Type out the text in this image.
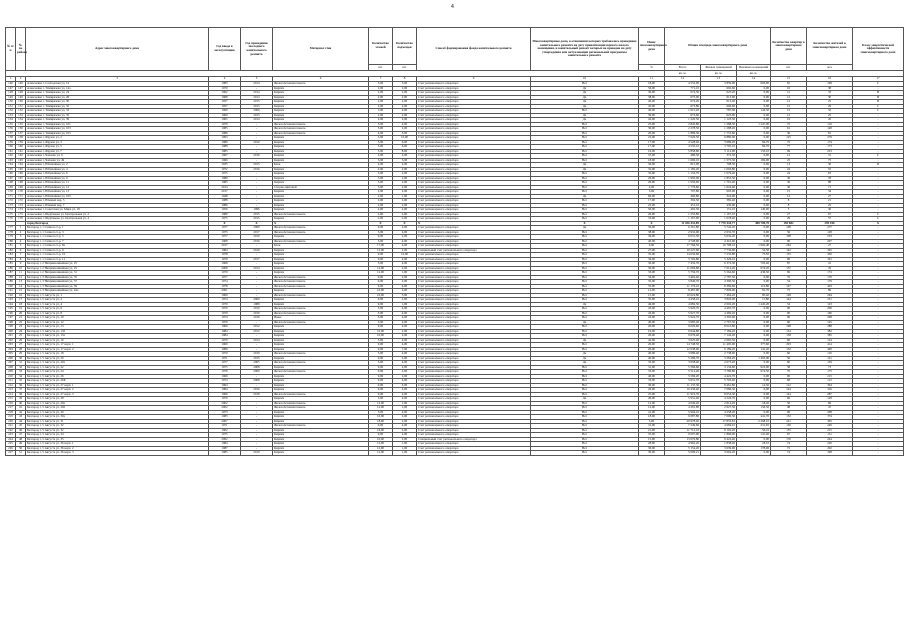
4
№ п/п	№ по району	Адрес многоквартирного дома	Год ввода в эксплуатацию	Год проведения последнего капитального ремонта	Материал стен	Количество этажей	Количество подъездов	Способ формирования фонда капитального ремонта	Многоквартирные дома, в отношении которых требовалось проведение капитального ремонта на дату приватизации первого жилого помещения, и капитальный ремонт которых не проведен на дату утверждения или актуализации региональной программы капитального ремонта	Износ многоквартирного дома	Общая площадь многоквартирного дома			Количество квартир в многоквартирном доме	Количество жителей в многоквартирном доме	Класс энергетической эффективности многоквартирного дома
						шт.	шт.			%	Всего	Жилых помещений	Нежилых помещений	шт.	чел.	
											кв. м.	кв. м.	кв. м.			
1	2	3	4	5	6	7	8	9	10	11	12	13	14	15	16	17
146	146	Алексеевка г, Слободская ул, 14	1985	2014	Железобетонная панель	5,00	3,00	Счет регионального оператора	Нет	18,00	4 552,00	3 859,00	693,00	65	108	С
147	147	Алексеевка г, Тимирязева ул, 14а	1970	-	Кирпич	2,00	2,00	Счет регионального оператора	Да	56,00	771,10	692,60	0,00	16	38	-
148	148	Алексеевка г, Тимирязева ул, 24	1962	2014	Кирпич	2,00	2,00	Счет регионального оператора	Да	36,00	674,30	625,20	0,00	12	33	В
149	149	Алексеевка г, Тимирязева ул, 28	1968	2014	Кирпич	2,00	2,00	Счет регионального оператора	Да	38,00	675,00	613,90	0,00	12	30	В
150	150	Алексеевка г, Тимирязева ул, 30	1957	2015	Кирпич	2,00	2,00	Счет регионального оператора	Да	40,00	674,20	613,40	0,00	12	25	В
151	151	Алексеевка г, Тимирязева ул, 32	1957	2015	Кирпич	2,00	2,00	Счет регионального оператора	Да	45,00	673,80	606,60	0,00	12	29	С
152	152	Алексеевка г, Тимирязева ул, 33	1969	2009	Кирпич	3,00	4,00	Счет регионального оператора	Нет	40,00	1 015,20	787,00	144,50	15	35	С
153	153	Алексеевка г, Тимирязева ул, 35	1960	2015	Кирпич	2,00	2,00	Счет регионального оператора	Да	39,00	673,60	623,90	0,00	12	25	-
154	154	Алексеевка г, Тимирязева ул, 39	1965	2014	Кирпич	2,00	2,00	Счет регионального оператора	Да	42,00	1 220,50	1 123,50	0,00	19	45	-
155	155	Алексеевка г, Тимирязева ул, 101	1970	-	Железобетонная панель	5,00	4,00	Счет регионального оператора	Нет	25,00	2 845,80	1 588,50	1 247,00	72	110	-
156	156	Алексеевка г, Тимирязева ул, 103	1985	-	Железобетонная панель	5,00	2,00	Счет регионального оператора	Нет	30,00	2 278,50	1 288,20	0,00	61	148	-
157	157	Алексеевка г, Тимирязева ул, 105	1986	-	Железобетонная панель	4,00	3,00	Счет регионального оператора	Нет	20,00	1 886,50	1 753,60	0,00	36	81	-
158	158	Алексеевка г, Фрунзе ул, 2	1993	-	Кирпич	5,00	10,00	Счет регионального оператора	Нет	23,00	7 626,50	6 880,00	0,00	125	279	-
159	159	Алексеевка г, Фрунзе ул, 3	1989	2019	Кирпич	5,00	6,00	Счет регионального оператора	Нет	17,00	4 528,40	3 986,20	84,70	75	174	-
160	160	Алексеевка г, Фрунзе ул, 5	1988	-	Кирпич	5,00	6,00	Счет регионального оператора	Нет	17,00	4 535,10	3 795,10	84,70	77	173	-
161	161	Алексеевка г, Фрунзе ул, 7	1985	-	Кирпич	5,00	8,00	Счет регионального оператора	Нет	19,00	5 858,60	5 112,00	133,10	99	223	-
162	162	Алексеевка г, Чапаева ул, 6	1967	2016	Кирпич	2,00	2,00	Счет регионального оператора	Нет	37,00	486,30	372,50	0,00	12	31	С
163	163	Алексеевка г, Чапаева ул, 49	1966	-	Кирпич	3,00	3,00	Счет регионального оператора	Нет	18,00	1 690,10	1 575,30	169,00	25	75	-
164	164	Алексеевка г, Юбилейная ул, 2	1935	2015	Блок	2,00	2,00	Счет регионального оператора	Да	36,00	815,00	708,50	0,00	13	36	D
165	165	Алексеевка г, Юбилейная ул, 4	1972	2016	Кирпич	2,00	2,00	Счет регионального оператора	Да	32,00	1 182,20	1 093,80	0,00	24	55	-
166	166	Алексеевка г, Юбилейная ул, 6	1975	-	Кирпич	3,00	2,00	Счет регионального оператора	Нет	35,00	1 154,70	1 079,40	0,00	24	63	-
167	167	Алексеевка г, Юбилейная ул, 9	1980	-	Кирпич	3,00	2,00	Счет регионального оператора	Нет	20,00	1 995,00	1 853,30	0,00	36	78	-
168	168	Алексеевка г, Юбилейная ул, 11	1985	-	Кирпич	3,00	2,00	Счет регионального оператора	Нет	20,00	1 959,90	1 791,40	0,00	36	88	-
169	169	Алексеевка г, Юбилейная ул, 12	2014	-	Сборно-щитовой	3,00	2,00	Счет регионального оператора	Нет	2,00	1 776,60	1 624,60	0,00	36	71	-
170	170	Алексеевка г, Юбилейная ул, 13	2017	-	Кирпич	2,00	2,00	Счет регионального оператора	Нет	3,00	707,80	693,90	0,00	15	34	-
171	171	Алексеевка г, Юбилейная ул, 165	1948	-	Кирпич	2,00	1,00	Счет регионального оператора	Да	60,00	460,80	324,90	0,00	14	27	-
172	172	Алексеевка г, Южный пер, 5	1988	-	Кирпич	2,00	2,00	Счет регионального оператора	Нет	17,00	392,50	382,40	0,00	8	21	-
173	173	Алексеевка г, Южный пер, 7	1986	-	Кирпич	2,00	2,00	Счет регионального оператора	Нет	22,00	451,10	430,90	0,00	8	25	-
174	174	Алексеевка г, Советская ул, Мира ул, 18	1956	1996	Кирпич	2,00	2,00	Счет регионального оператора	Нет	50,00	402,50	151,10	140,00	5	30	-
175	175	Алексеевка г, Щербакова ул, Центральная ул, 2	1980	2015	Железобетонная панель	2,00	2,00	Счет регионального оператора	Нет	20,00	1 255,80	1 167,10	0,00	27	67	С
176	176	Алексеевка г, Щербакова ул, Центральная ул, 4	1975	2015	Кирпич	2,00	2,00	Счет регионального оператора	Нет	33,00	1 167,00	1 078,40	0,00	29	57	С
		город Белгород	Х	Х	Х	Х	Х	Х	Х	Х	11 036 432,89	7 770 444,77	488 700,70	185 882	299 946	Х
177	1	Белгород г, 1 Сапного б-р, 1	1977	2009	Железобетонная панель	9,00	2,00	Счет регионального оператора	Да	36,00	6 261,80	5 742,20	0,00	108	277	-
178	2	Белгород г, 1 Сапного б-р, 3	1975	2017	Железобетонная панель	5,00	4,00	Счет регионального оператора	Нет	38,00	2 932,90	2 632,70	0,00	56	128	-
179	3	Белгород г, 1 Сапного б-р, 5	1977	2019	Кирпич	9,00	2,00	Счет регионального оператора	Нет	36,00	6 031,30	5 632,20	0,00	108	233	-
180	4	Белгород г, 1 Сапного б-р, 7	1968	2016	Железобетонная панель	5,00	4,00	Счет регионального оператора	Нет	40,00	4 728,90	4 310,00	0,00	90	207	-
181	5	Белгород г, 1 Сапного б-р, 8а	2017	-	Блок	17,00	4,00	Счет регионального оператора	Нет	0,00	17 766,50	10 798,10	1 902,40	264	27	-
182	6	Белгород г, 1 Сапного б-р, 9	1984	2019	Кирпич	12,00	2,00	Специальный счет регионального оператора	Нет	27,00	10 227,60	7 734,90	52,30	142	345	-
183	7	Белгород г, 1 Сапного б-р, 10	1978	-	Кирпич	9,00	10,00	Счет регионального оператора	Нет	35,00	14 056,60	7 235,80	75,50	135	350	-
184	8	Белгород г, 1 Сапного б-р, 11	1979	2017	Кирпич	9,00	4,00	Счет регионального оператора	Нет	34,00	5 702,80	5 326,10	0,00	90	191	-
185	9	Белгород г, 2 Непрямолинейная ул, 25	1968	-	Кирпич	5,00	4,00	Счет регионального оператора	Нет	30,00	7 432,70	6 372,30	703,40	87	41	-
186	10	Белгород г, 2 Непрямолинейная ул, 25	2008	2014	Кирпич	14,00	2,00	Счет регионального оператора	Нет	30,00	11 082,80	7 614,20	674,20	137	76	-
187	11	Белгород г, 2 Непрямолинейная ул, 31	1970	-	Кирпич	12,00	1,00	Счет регионального оператора	Нет	33,00	5 756,70	5 564,60	436,30	69	174	-
188	12	Белгород г, 3 Непрямолинейная ул, 35	1977	-	Железобетонная панель	9,00	2,00	Счет регионального оператора	Нет	34,00	3 462,40	2 787,50	0,00	70	176	-
189	13	Белгород г, 3 Непрямолинейная ул, 37	1974	-	Железобетонная панель	9,00	2,00	Счет регионального оператора	Нет	35,00	5 846,70	4 390,50	0,00	54	179	-
190	14	Белгород г, 3 Непрямолинейная ул, 39	1978	-	Железобетонная панель	9,00	4,00	Счет регионального оператора	Нет	35,00	11 176,10	8 384,60	116,80	147	403	-
191	15	Белгород г, 3 Непрямолинейная ул, 44а	2001	-	Кирпич	10,00	2,00	Счет регионального оператора	Нет	12,00	8 487,90	7 806,00	81,70	75	86	-
192	16	Белгород г, 5 Августа ул, 1	1969	-	Железобетонная панель	10,00	3,00	Счет регионального оператора	Нет	15,00	10 624,80	7 464,20	85,40	128	264	-
193	17	Белгород г, 5 Августа ул, 2	1974	2009	Кирпич	9,00	2,00	Счет регионального оператора	Нет	35,00	4 458,10	3 826,00	17,80	144	251	-
194	18	Белгород г, 5 Августа ул, 4	1970	1989	Кирпич	9,00	1,00	Счет регионального оператора	Да	46,00	4 682,50	2 692,20	1 445,20	54	123	-
195	19	Белгород г, 5 Августа ул, 6	1970	2010	Железобетонная панель	5,00	4,00	Счет регионального оператора	Нет	43,00	5 926,70	4 465,70	0,00	90	206	-
196	20	Белгород г, 5 Августа ул, 8	1970	2019	Железобетонная панель	5,00	4,00	Счет регионального оператора	Нет	43,00	5 927,70	4 469,20	0,00	90	166	-
197	21	Белгород г, 5 Августа ул, 10	1974	2016	Иные	5,00	4,00	Счет регионального оператора	Нет	43,00	5 924,70	4 395,60	0,00	90	208	-
198	22	Белгород г, 5 Августа ул, 12	1970	-	Железобетонная панель	5,00	4,00	Счет регионального оператора	Да	40,00	3 685,20	2 767,50	0,00	60	125	-
199	23	Белгород г, 5 Августа ул, 13	1969	2012	Кирпич	9,00	4,00	Счет регионального оператора	Нет	20,00	9 020,60	8 010,80	0,00	168	288	-
200	24	Белгород г, 5 Августа ул, 13б	1984	2012	Кирпич	10,00	2,00	Счет регионального оператора	Нет	19,00	9 644,80	7 184,20	0,00	154	382	-
201	25	Белгород г, 5 Августа ул, 15а	1984	-	Кирпич	10,00	2,00	Счет регионального оператора	Нет	20,00	9 679,40	7 142,20	0,00	138	385	-
202	26	Белгород г, 5 Августа ул, 16	1970	2014	Кирпич	5,00	4,00	Счет регионального оператора	Да	42,00	3 625,40	2 665,50	0,00	60	124	-
203	27	Белгород г, 5 Августа ул, 17 корп. 1	1960	-	Кирпич	9,00	4,00	Счет регионального оператора	Нет	20,00	14 748,50	11 495,00	377,60	203	414	-
204	28	Белгород г, 5 Августа ул, 17 корп. 2	1980	-	Кирпич	9,00	7,00	Счет регионального оператора	Нет	20,00	12 638,90	9 189,20	141,20	152	400	-
205	29	Белгород г, 5 Августа ул, 18	1970	2019	Железобетонная панель	5,00	4,00	Счет регионального оператора	Да	40,00	3 686,40	2 738,90	0,00	60	116	-
206	30	Белгород г, 5 Августа ул, 20	1971	2015	Кирпич	9,00	2,00	Счет регионального оператора	Да	40,00	5 286,70	3 284,20	1 403,90	56	121	-
207	31	Белгород г, 5 Августа ул, 20а	1977	2005	Железобетонная панель	5,00	4,00	Счет регионального оператора	Да	35,00	3 658,40	2 673,20	0,00	60	129	-
208	32	Белгород г, 5 Августа ул, 22	1975	2008	Кирпич	9,00	2,00	Счет регионального оператора	Нет	31,00	5 566,60	3 134,60	910,00	58	73	-
209	33	Белгород г, 5 Августа ул, 24	1976	2009	Железобетонная панель	9,00	2,00	Счет регионального оператора	Нет	33,00	5 512,40	3 786,80	674,50	76	175	-
210	34	Белгород г, 5 Августа ул, 26	1969	-	Кирпич	9,00	2,00	Счет регионального оператора	Нет	40,00	5 596,20	4 422,70	0,00	90	215	-
211	35	Белгород г, 5 Августа ул, 26Б	1974	2008	Кирпич	9,00	4,00	Счет регионального оператора	Нет	33,00	5 631,70	5 703,40	0,00	68	112	-
212	36	Белгород г, 5 Августа ул, 27 корп. 1	1964	-	Кирпич	9,00	5,00	Счет регионального оператора	Нет	30,00	11 137,30	8 461,80	14,50	112	394	-
213	37	Белгород г, 5 Августа ул, 27 корп. 2	1984	2016	Кирпич	9,00	4,00	Счет регионального оператора	Нет	26,00	10 436,40	7 686,30	0,00	144	316	-
214	38	Белгород г, 5 Августа ул, 27 корп. 3	1990	2018	Железобетонная панель	9,00	4,00	Счет регионального оператора	Нет	25,00	11 919,70	8 654,30	0,00	144	287	-
215	39	Белгород г, 5 Августа ул, 28	1970	-	Кирпич	5,00	4,00	Счет регионального оператора	Да	40,00	5 931,40	4 226,70	0,00	60	128	-
216	40	Белгород г, 5 Августа ул, 29а	2002	-	Железобетонная панель	12,00	1,00	Счет регионального оператора	Нет	12,00	4 046,20	2 814,20	18,40	50	69	-
217	41	Белгород г, 5 Августа ул, 29б	2002	-	Железобетонная панель	12,00	1,00	Счет регионального оператора	Нет	12,00	4 281,80	2 927,50	156,50	48	47	-
218	42	Белгород г, 5 Августа ул, 30	1973	-	Кирпич	5,00	4,00	Счет регионального оператора	Нет	41,00	5 994,10	4 558,20	0,00	90	208	-
219	43	Белгород г, 5 Августа ул, 30а	1983	-	Кирпич	10,00	2,00	Счет регионального оператора	Нет	18,00	9 687,80	7 090,50	441,70	152	374	-
220	44	Белгород г, 5 Августа ул, 31	2007	-	Кирпич	18,00	2,00	Счет регионального оператора	Нет	5,00	20 978,40	17 855,81	2 268,10	241	305	-
221	45	Белгород г, 5 Августа ул, 32	1971	-	Железобетонная панель	9,00	4,00	Счет регионального оператора	Нет	31,00	7 249,60	4 684,91	231,65	150	246	-
222	46	Белгород г, 5 Августа ул, 32	1962	-	Кирпич	16,00	2,00	Счет регионального оператора	Нет	21,00	11 712,10	8 102,20	56,10	135	215	-
223	47	Белгород г, 5 Августа ул, 34	1975	-	Кирпич	9,00	2,00	Счет регионального оператора	Нет	35,00	9 007,90	1 896,00	141,40	67	131	-
224	48	Белгород г, 5 Августа ул, 35	2002	-	Кирпич	10,00	2,00	Специальный счет регионального оператора	Нет	15,00	13 679,80	9 422,40	0,00	176	244	-
225	49	Белгород г, 5 Августа ул, 36 корп. 1	1984	-	Кирпич	12,00	1,00	Счет регионального оператора	Нет	28,00	4 962,20	1 838,40	18,10	74	220	-
226	50	Белгород г, 5 Августа ул, 36 корп. 2	1987	-	Кирпич	12,00	1,00	Счет регионального оператора	Нет	30,00	5 154,26	3 639,90	178,06	72	202	-
227	51	Белгород г, 5 Августа ул, 36 корп. 3	1985	2019	Кирпич	12,00	1,00	Счет регионального оператора	Нет	30,00	5 009,21	3 964,20	0,00	74	198	-
